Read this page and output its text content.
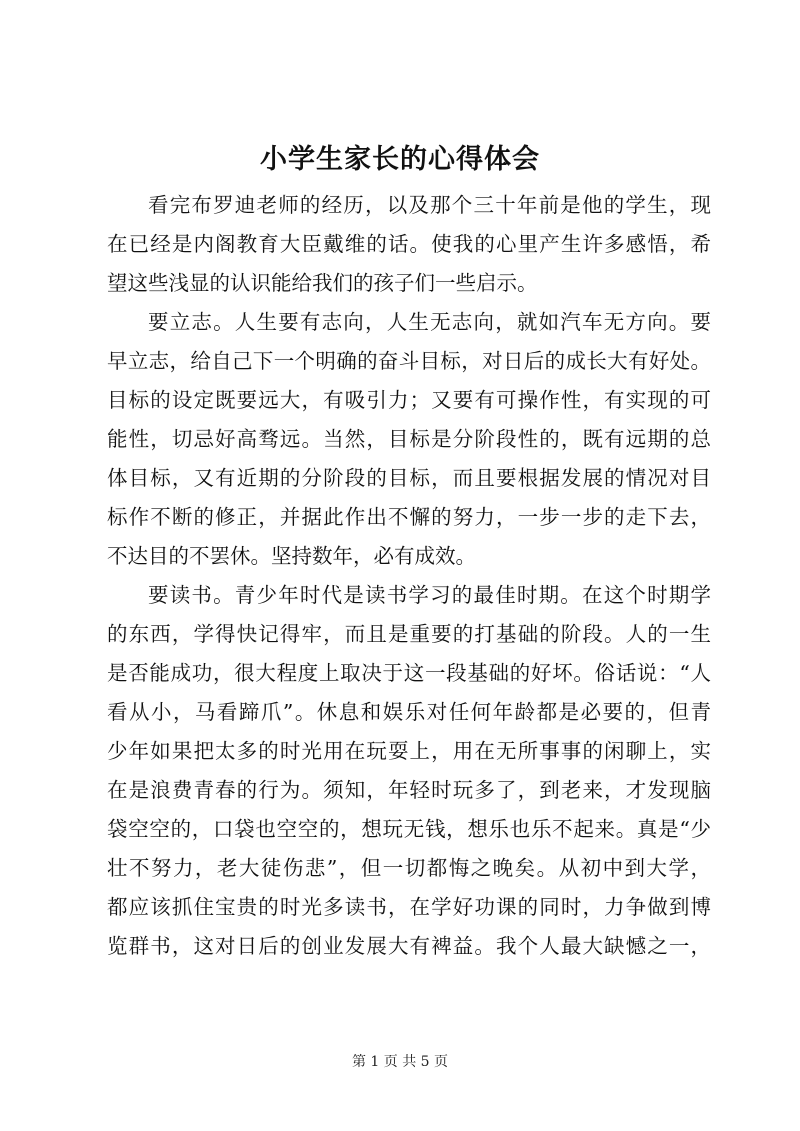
小学生家长的心得体会
看完布罗迪老师的经历，以及那个三十年前是他的学生，现
在已经是内阁教育大臣戴维的话。使我的心里产生许多感悟，希
望这些浅显的认识能给我们的孩子们一些启示。
要立志。人生要有志向，人生无志向，就如汽车无方向。要
早立志，给自己下一个明确的奋斗目标，对日后的成长大有好处。
目标的设定既要远大，有吸引力；又要有可操作性，有实现的可
能性，切忌好高骛远。当然，目标是分阶段性的，既有远期的总
体目标，又有近期的分阶段的目标，而且要根据发展的情况对目
标作不断的修正，并据此作出不懈的努力，一步一步的走下去，
不达目的不罢休。坚持数年，必有成效。
要读书。青少年时代是读书学习的最佳时期。在这个时期学
的东西，学得快记得牢，而且是重要的打基础的阶段。人的一生
是否能成功，很大程度上取决于这一段基础的好坏。俗话说：“人
看从小，马看蹄爪”。休息和娱乐对任何年龄都是必要的，但青
少年如果把太多的时光用在玩耍上，用在无所事事的闲聊上，实
在是浪费青春的行为。须知，年轻时玩多了，到老来，才发现脑
袋空空的，口袋也空空的，想玩无钱，想乐也乐不起来。真是“少
壮不努力，老大徒伤悲”，但一切都悔之晚矣。从初中到大学，
都应该抓住宝贵的时光多读书，在学好功课的同时，力争做到博
览群书，这对日后的创业发展大有裨益。我个人最大缺憾之一，
第 1 页 共 5 页
